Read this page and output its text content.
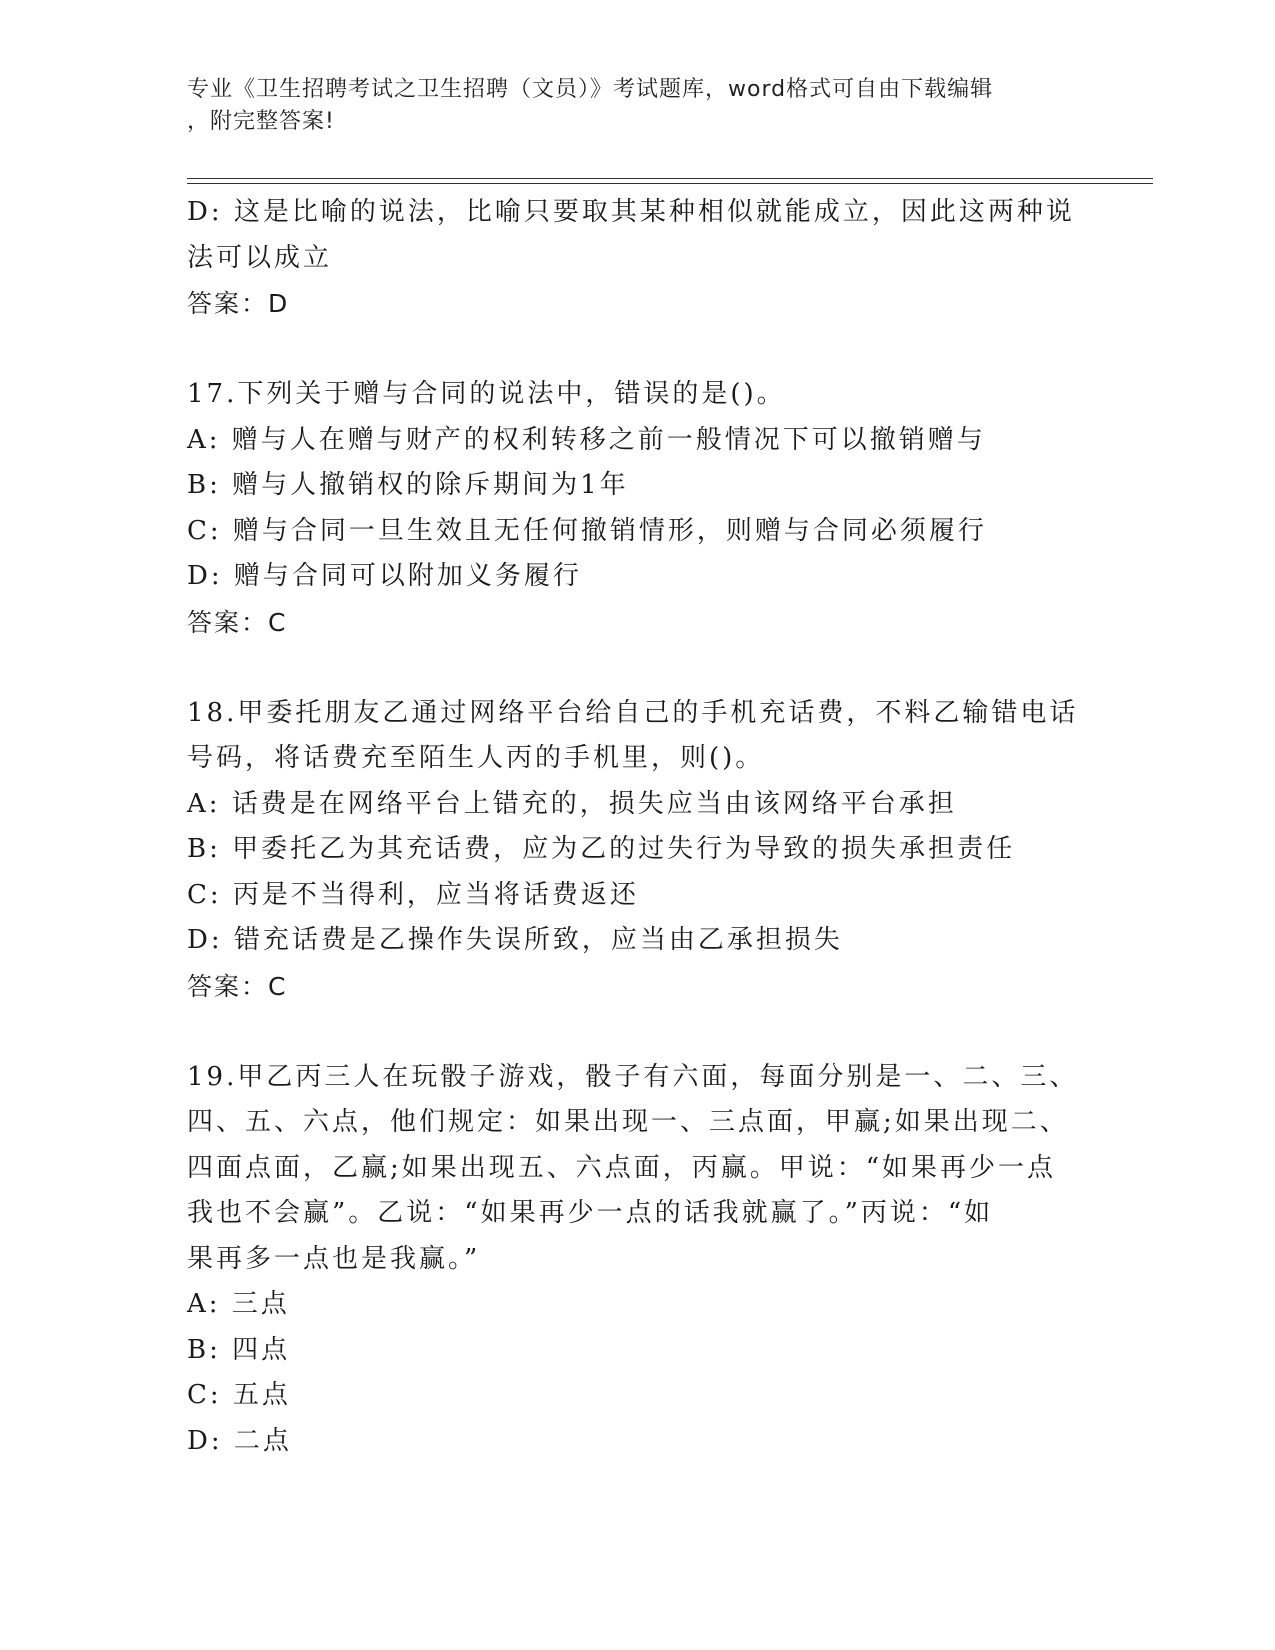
专业《卫生招聘考试之卫生招聘（文员）》考试题库，word格式可自由下载编辑
，附完整答案!
D: 这是比喻的说法，比喻只要取其某种相似就能成立，因此这两种说
法可以成立
答案：D
17.下列关于赠与合同的说法中，错误的是()。
A: 赠与人在赠与财产的权利转移之前一般情况下可以撤销赠与
B: 赠与人撤销权的除斥期间为1年
C: 赠与合同一旦生效且无任何撤销情形，则赠与合同必须履行
D: 赠与合同可以附加义务履行
答案：C
18.甲委托朋友乙通过网络平台给自己的手机充话费，不料乙输错电话
号码，将话费充至陌生人丙的手机里，则()。
A: 话费是在网络平台上错充的，损失应当由该网络平台承担
B: 甲委托乙为其充话费，应为乙的过失行为导致的损失承担责任
C: 丙是不当得利，应当将话费返还
D: 错充话费是乙操作失误所致，应当由乙承担损失
答案：C
19.甲乙丙三人在玩骰子游戏，骰子有六面，每面分别是一、二、三、
四、五、六点，他们规定：如果出现一、三点面，甲赢;如果出现二、
四面点面，乙赢;如果出现五、六点面，丙赢。甲说：“如果再少一点
我也不会赢”。乙说：“如果再少一点的话我就赢了。”丙说：“如
果再多一点也是我赢。”
A: 三点
B: 四点
C: 五点
D: 二点
